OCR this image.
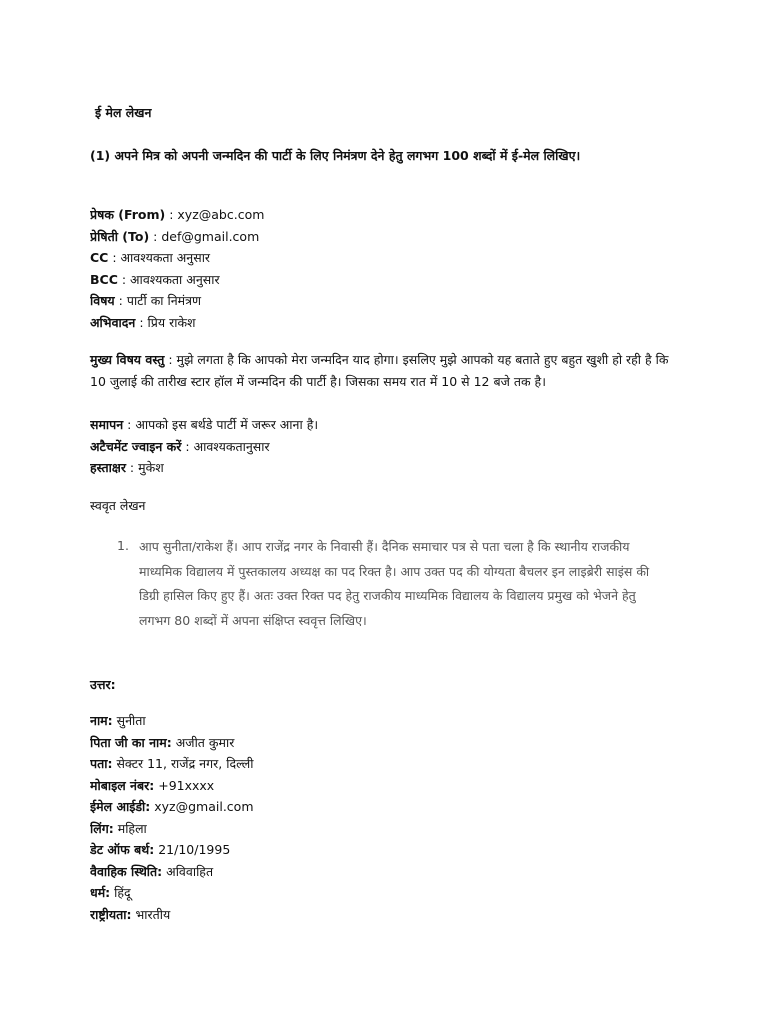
ई मेल लेखन
(1) अपने मित्र को अपनी जन्मदिन की पार्टी के लिए निमंत्रण देने हेतु लगभग 100 शब्दों में ई-मेल लिखिए।
प्रेषक (From) : xyz@abc.com
प्रेषिती (To) : def@gmail.com
CC : आवश्यकता अनुसार
BCC : आवश्यकता अनुसार
विषय : पार्टी का निमंत्रण
अभिवादन : प्रिय राकेश
मुख्य विषय वस्तु : मुझे लगता है कि आपको मेरा जन्मदिन याद होगा। इसलिए मुझे आपको यह बताते हुए बहुत खुशी हो रही है कि 10 जुलाई की तारीख स्टार हॉल में जन्मदिन की पार्टी है। जिसका समय रात में 10 से 12 बजे तक है।
समापन : आपको इस बर्थडे पार्टी में जरूर आना है।
अटैचमेंट ज्वाइन करें : आवश्यकतानुसार
हस्ताक्षर : मुकेश
स्ववृत लेखन
1. आप सुनीता/राकेश हैं। आप राजेंद्र नगर के निवासी हैं। दैनिक समाचार पत्र से पता चला है कि स्थानीय राजकीय माध्यमिक विद्यालय में पुस्तकालय अध्यक्ष का पद रिक्त है। आप उक्त पद की योग्यता बैचलर इन लाइब्रेरी साइंस की डिग्री हासिल किए हुए हैं। अतः उक्त रिक्त पद हेतु राजकीय माध्यमिक विद्यालय के विद्यालय प्रमुख को भेजने हेतु लगभग 80 शब्दों में अपना संक्षिप्त स्ववृत्त लिखिए।
उत्तर:
नाम: सुनीता
पिता जी का नाम: अजीत कुमार
पता: सेक्टर 11, राजेंद्र नगर, दिल्ली
मोबाइल नंबर: +91xxxx
ईमेल आईडी: xyz@gmail.com
लिंग: महिला
डेट ऑफ बर्थ: 21/10/1995
वैवाहिक स्थिति: अविवाहित
धर्म: हिंदू
राष्ट्रीयता: भारतीय
